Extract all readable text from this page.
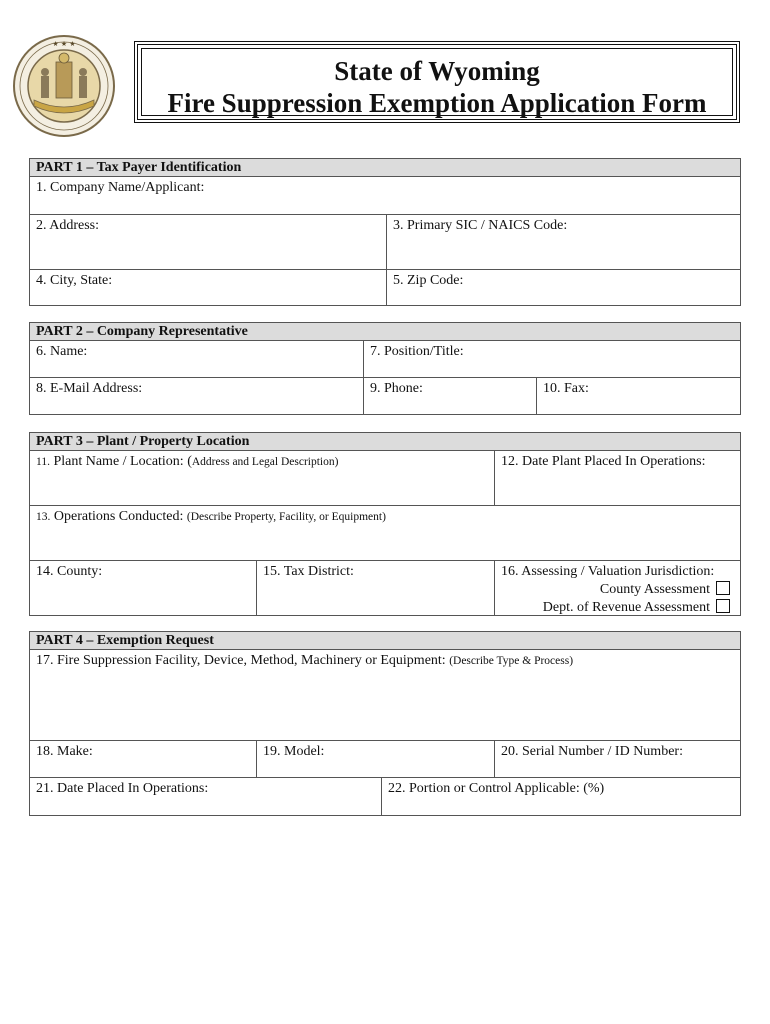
★ ★ ★
State of Wyoming
Fire Suppression Exemption Application Form
PART 1 – Tax Payer Identification
1. Company Name/Applicant:
2. Address:	3. Primary SIC / NAICS Code:
4. City, State:	5. Zip Code:
PART 2 – Company Representative
6. Name:	7. Position/Title:
8. E-Mail Address:	9. Phone:	10. Fax:
PART 3 – Plant / Property Location
11. Plant Name / Location: (Address and Legal Description)	12. Date Plant Placed In Operations:
13. Operations Conducted: (Describe Property, Facility, or Equipment)
14. County:	15. Tax District:	16. Assessing / Valuation Jurisdiction:
County Assessment
Dept. of Revenue Assessment
PART 4 – Exemption Request
17. Fire Suppression Facility, Device, Method, Machinery or Equipment: (Describe Type & Process)
18. Make:	19. Model:	20. Serial Number / ID Number:
21. Date Placed In Operations:	22. Portion or Control Applicable: (%)
